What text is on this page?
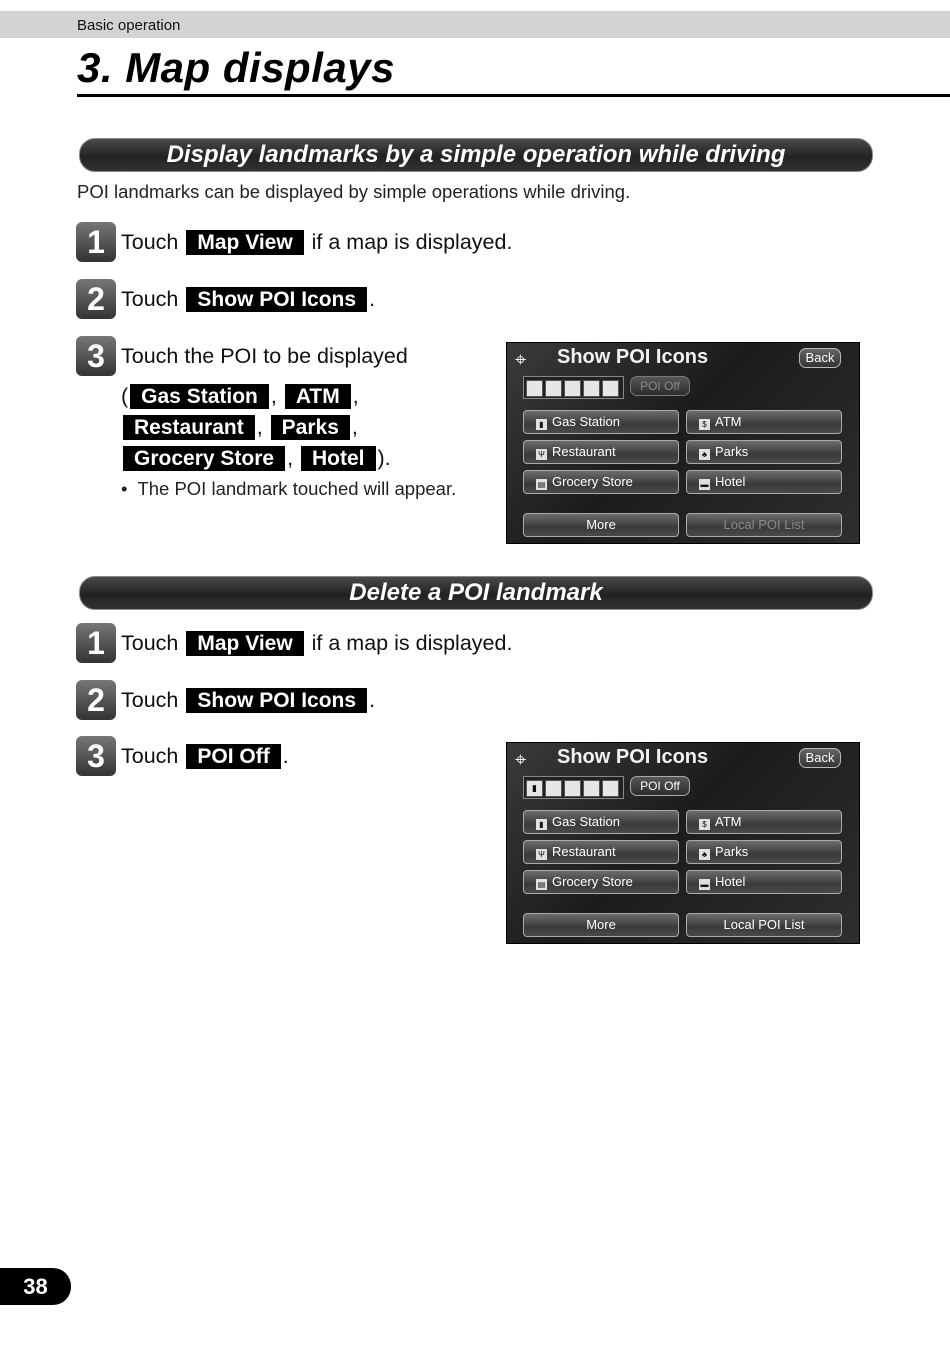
Basic operation
3. Map displays
Display landmarks by a simple operation while driving
POI landmarks can be displayed by simple operations while driving.
1 Touch Map View if a map is displayed.
2 Touch Show POI Icons .
3 Touch the POI to be displayed
( Gas Station , ATM ,
Restaurant , Parks ,
Grocery Store , Hotel ).
•  The POI landmark touched will appear.
⌖	Show POI Icons	Back
POI Off
▮ Gas Station	$ ATM
Ψ Restaurant	♣ Parks
▤ Grocery Store	▬ Hotel
More	Local POI List
Delete a POI landmark
1 Touch Map View if a map is displayed.
2 Touch Show POI Icons .
3 Touch POI Off .	⌖	Show POI Icons	Back
▮	POI Off
▮ Gas Station	$ ATM
Ψ Restaurant	♣ Parks
▤ Grocery Store	▬ Hotel
More	Local POI List
38
